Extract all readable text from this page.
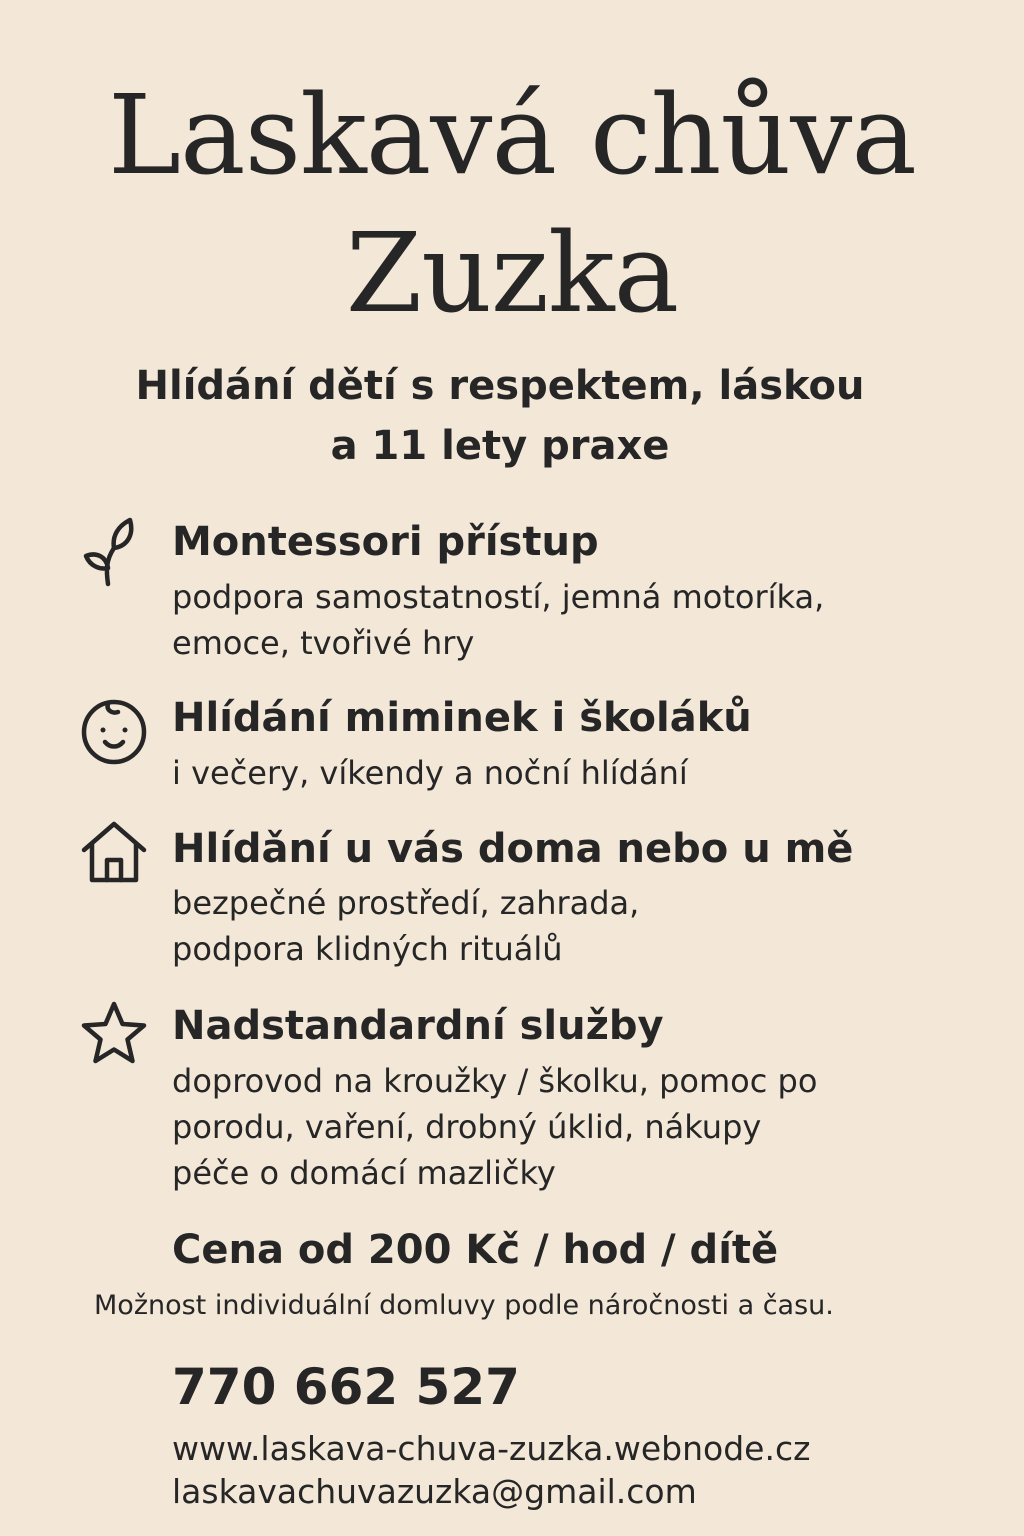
Laskavá chůva
Zuzka
Hlídání dětí s respektem, láskou
a 11 lety praxe
Montessori přístup
podpora samostatností, jemná motoríka,
emoce, tvořivé hry
Hlídání miminek i školáků
i večery, víkendy a noční hlídání
Hlídǎní u vás doma nebo u mě
bezpečné prostředí, zahrada,
podpora klidných rituálů
Nadstandardní služby
doprovod na kroužky / školku, pomoc po
porodu, vaření, drobný úklid, nákupy
péče o domácí mazličky
Cena od 200 Kč / hod / dítě
Možnost individuální domluvy podle náročnosti a času.
770 662 527
www.laskava-chuva-zuzka.webnode.cz
laskavachuvazuzka@gmail.com
